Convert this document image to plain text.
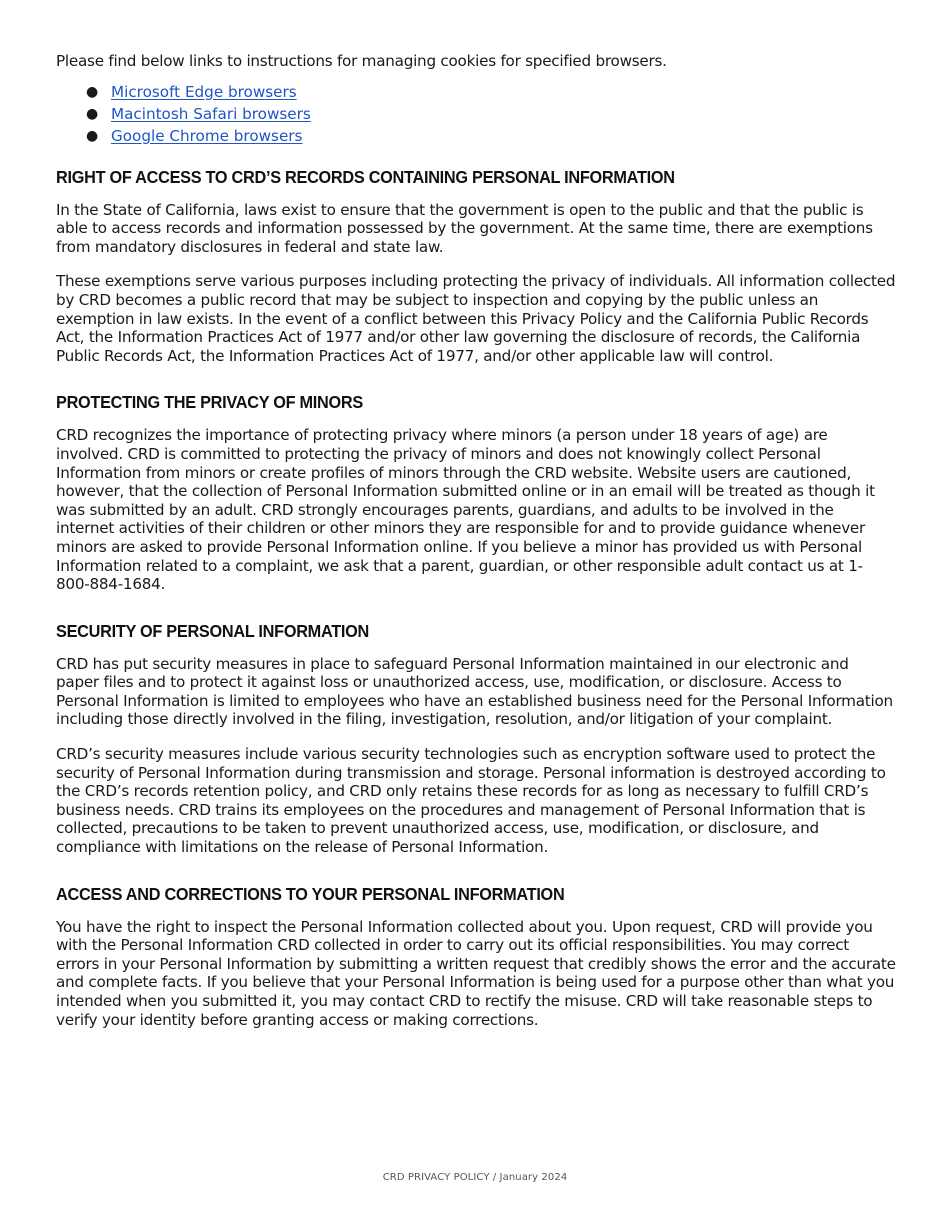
Please find below links to instructions for managing cookies for specified browsers.

● Microsoft Edge browsers
● Macintosh Safari browsers
● Google Chrome browsers
RIGHT OF ACCESS TO CRD’S RECORDS CONTAINING PERSONAL INFORMATION

In the State of California, laws exist to ensure that the government is open to the public and that the public is able to access records and information possessed by the government. At the same time, there are exemptions from mandatory disclosures in federal and state law.

These exemptions serve various purposes including protecting the privacy of individuals. All information collected by CRD becomes a public record that may be subject to inspection and copying by the public unless an exemption in law exists. In the event of a conflict between this Privacy Policy and the California Public Records Act, the Information Practices Act of 1977 and/or other law governing the disclosure of records, the California Public Records Act, the Information Practices Act of 1977, and/or other applicable law will control.

PROTECTING THE PRIVACY OF MINORS

CRD recognizes the importance of protecting privacy where minors (a person under 18 years of age) are involved. CRD is committed to protecting the privacy of minors and does not knowingly collect Personal Information from minors or create profiles of minors through the CRD website. Website users are cautioned, however, that the collection of Personal Information submitted online or in an email will be treated as though it was submitted by an adult. CRD strongly encourages parents, guardians, and adults to be involved in the internet activities of their children or other minors they are responsible for and to provide guidance whenever minors are asked to provide Personal Information online. If you believe a minor has provided us with Personal Information related to a complaint, we ask that a parent, guardian, or other responsible adult contact us at 1-800-884-1684.

SECURITY OF PERSONAL INFORMATION

CRD has put security measures in place to safeguard Personal Information maintained in our electronic and paper files and to protect it against loss or unauthorized access, use, modification, or disclosure. Access to Personal Information is limited to employees who have an established business need for the Personal Information including those directly involved in the filing, investigation, resolution, and/or litigation of your complaint.

CRD’s security measures include various security technologies such as encryption software used to protect the security of Personal Information during transmission and storage. Personal information is destroyed according to the CRD’s records retention policy, and CRD only retains these records for as long as necessary to fulfill CRD’s business needs. CRD trains its employees on the procedures and management of Personal Information that is collected, precautions to be taken to prevent unauthorized access, use, modification, or disclosure, and compliance with limitations on the release of Personal Information.

ACCESS AND CORRECTIONS TO YOUR PERSONAL INFORMATION

You have the right to inspect the Personal Information collected about you. Upon request, CRD will provide you with the Personal Information CRD collected in order to carry out its official responsibilities. You may correct errors in your Personal Information by submitting a written request that credibly shows the error and the accurate and complete facts. If you believe that your Personal Information is being used for a purpose other than what you intended when you submitted it, you may contact CRD to rectify the misuse. CRD will take reasonable steps to verify your identity before granting access or making corrections.

CRD PRIVACY POLICY / January 2024
